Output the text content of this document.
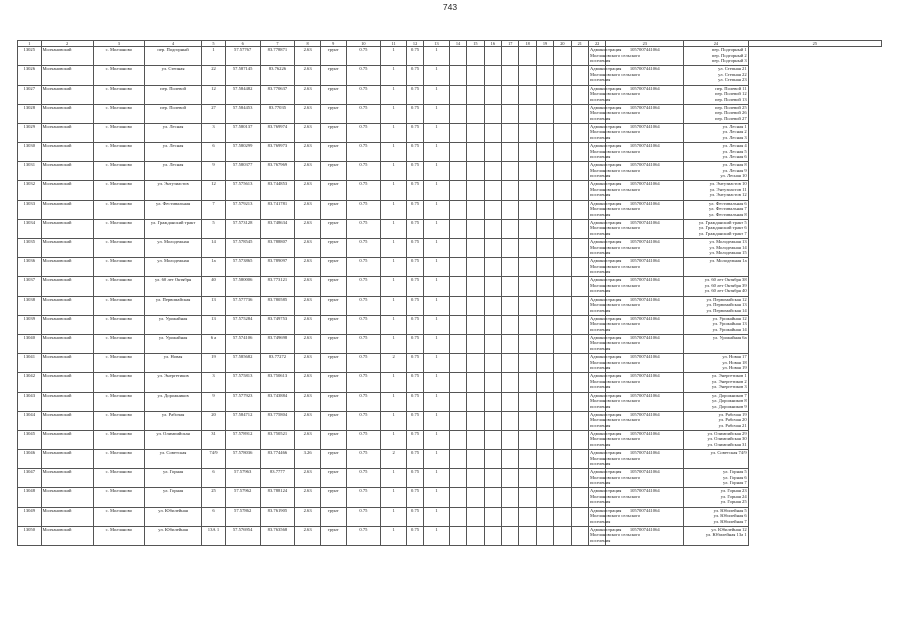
743
1	2	3	4	5	6	7	8	9	10	11	12	13	14	15	16	17	18	19	20	21	22	23	24	25
13025	Молчановский	с. Молчаново	пер. Подгорный	1	57.57767	83.778871	2.63	грунт	0.75	1	0.75	1									Администрация
Молчановского сельского
поселения	1057007441064	пер. Подгорный 1
пер. Подгорный 2
пер. Подгорный 3	

13026	Молчановский	с. Молчаново	ул. Степная	22	57.587145	83.76226	2.63	грунт	0.75	1	0.75	1									Администрация
Молчановского сельского
поселения	1057007441064	ул. Степная 21
ул. Степная 22
ул. Степная 23	

13027	Молчановский	с. Молчаново	пер. Полевой	12	57.584482	83.770637	2.63	грунт	0.75	1	0.75	1									Администрация
Молчановского сельского
поселения	1057007441064	пер. Полевой 11
пер. Полевой 12
пер. Полевой 13	

13028	Молчановский	с. Молчаново	пер. Полевой	27	57.584453	83.77035	2.63	грунт	0.75	1	0.75	1									Администрация
Молчановского сельского
поселения	1057007441064	пер. Полевой 25
пер. Полевой 26
пер. Полевой 27	

13029	Молчановский	с. Молчаново	ул. Лесная	3	57.580137	83.769974	2.63	грунт	0.75	1	0.75	1									Администрация
Молчановского сельского
поселения	1057007441064	ул. Лесная 1
ул. Лесная 2
ул. Лесная 3	

13030	Молчановский	с. Молчаново	ул. Лесная	6	57.580299	83.769973	2.63	грунт	0.75	1	0.75	1									Администрация
Молчановского сельского
поселения	1057007441064	ул. Лесная 4
ул. Лесная 5
ул. Лесная 6	

13031	Молчановский	с. Молчаново	ул. Лесная	9	57.580377	83.767969	2.63	грунт	0.75	1	0.75	1									Администрация
Молчановского сельского
поселения	1057007441064	ул. Лесная 8
ул. Лесная 9
ул. Лесная 10	

13032	Молчановский	с. Молчаново	ул. Энтузиастов	12	57.575613	83.744853	2.63	грунт	0.75	1	0.75	1									Администрация
Молчановского сельского
поселения	1057007441064	ул. Энтузиастов 10
ул. Энтузиастов 11
ул. Энтузиастов 12	

13033	Молчановский	с. Молчаново	ул. Фестивальная	7	57.579213	83.741781	2.63	грунт	0.75	1	0.75	1									Администрация
Молчановского сельского
поселения	1057007441064	ул. Фестивальная 6
ул. Фестивальная 7
ул. Фестивальная 8	

13034	Молчановский	с. Молчаново	ул. Гражданский тракт	5	57.573128	83.748634	2.63	грунт	0.75	1	0.75	1									Администрация
Молчановского сельского
поселения	1057007441064	ул. Гражданский тракт 5
ул. Гражданский тракт 6
ул. Гражданский тракт 7	

13035	Молчановский	с. Молчаново	ул. Молодежная	14	57.578545	83.788807	2.63	грунт	0.75	1	0.75	1									Администрация
Молчановского сельского
поселения	1057007441064	ул. Молодежная 13
ул. Молодежная 14
ул. Молодежная 15	

13036	Молчановский	с. Молчаново	ул. Молодежная	1а	57.573865	83.789097	2.63	грунт	0.75	1	0.75	1									Администрация
Молчановского сельского
поселения	1057007441064	ул. Молодежная 1а	

13037	Молчановский	с. Молчаново	ул. 60 лет Октября	40	57.580006	83.773121	2.63	грунт	0.75	1	0.75	1									Администрация
Молчановского сельского
поселения	1057007441064	ул. 60 лет Октября 38
ул. 60 лет Октября 39
ул. 60 лет Октября 40	

13038	Молчановский	с. Молчаново	ул. Первомайская	13	57.577736	83.780585	2.63	грунт	0.75	1	0.75	1									Администрация
Молчановского сельского
поселения	1057007441064	ул. Первомайская 12
ул. Первомайская 13
ул. Первомайская 14	

13039	Молчановский	с. Молчаново	ул. Урожайная	13	57.575284	83.749753	2.63	грунт	0.75	1	0.75	1									Администрация
Молчановского сельского
поселения	1057007441064	ул. Урожайная 12
ул. Урожайная 13
ул. Урожайная 14	

13040	Молчановский	с. Молчаново	ул. Урожайная	6 а	57.574106	83.749698	2.63	грунт	0.75	1	0.75	1									Администрация
Молчановского сельского
поселения	1057007441064	ул. Урожайная 6а	

13041	Молчановский	с. Молчаново	ул. Новая	19	57.585682	83.77272	2.63	грунт	0.75	2	0.75	1									Администрация
Молчановского сельского
поселения	1057007441064	ул. Новая 17
ул. Новая 18
ул. Новая 19	

13042	Молчановский	с. Молчаново	ул. Энергетиков	3	57.575813	83.750613	2.63	грунт	0.75	1	0.75	1									Администрация
Молчановского сельского
поселения	1057007441064	ул. Энергетиков 1
ул. Энергетиков 2
ул. Энергетиков 3	

13043	Молчановский	с. Молчаново	ул. Дорожников	9	57.577923	83.743884	2.63	грунт	0.75	1	0.75	1									Администрация
Молчановского сельского
поселения	1057007441064	ул. Дорожников 7
ул. Дорожников 8
ул. Дорожников 9	

13044	Молчановский	с. Молчаново	ул. Рабочая	20	57.584712	83.775804	2.63	грунт	0.75	1	0.75	1									Администрация
Молчановского сельского
поселения	1057007441064	ул. Рабочая 19
ул. Рабочая 20
ул. Рабочая 21	

13045	Молчановский	с. Молчаново	ул. Олимпийская	31	57.578912	83.750521	2.63	грунт	0.75	1	0.75	1									Администрация
Молчановского сельского
поселения	1057007441064	ул. Олимпийская 29
ул. Олимпийская 30
ул. Олимпийская 31	

13046	Молчановский	с. Молчаново	ул. Советская	74/9	57.578036	83.774466	3.26	грунт	0.75	2	0.75	1									Администрация
Молчановского сельского
поселения	1057007441064	ул. Советская 74/9	

13047	Молчановский	с. Молчаново	ул. Горная	6	57.57963	83.7777	2.63	грунт	0.75	1	0.75	1									Администрация
Молчановского сельского
поселения	1057007441064	ул. Горная 5
ул. Горная 6
ул. Горная 7	

13048	Молчановский	с. Молчаново	ул. Горная	25	57.57962	83.788124	2.63	грунт	0.75	1	0.75	1									Администрация
Молчановского сельского
поселения	1057007441064	ул. Горная 23
ул. Горная 24
ул. Горная 25	

13049	Молчановский	с. Молчаново	ул. Юбилейная	6	57.57862	83.761905	2.63	грунт	0.75	1	0.75	1									Администрация
Молчановского сельского
поселения	1057007441064	ул. Юбилейная 5
ул. Юбилейная 6
ул. Юбилейная 7	

13050	Молчановский	с. Молчаново	ул. Юбилейная	13А 1	57.576954	83.763568	2.63	грунт	0.75	1	0.75	1									Администрация
Молчановского сельского
поселения	1057007441064	ул. Юбилейная 12
ул. Юбилейная 13а 1	
